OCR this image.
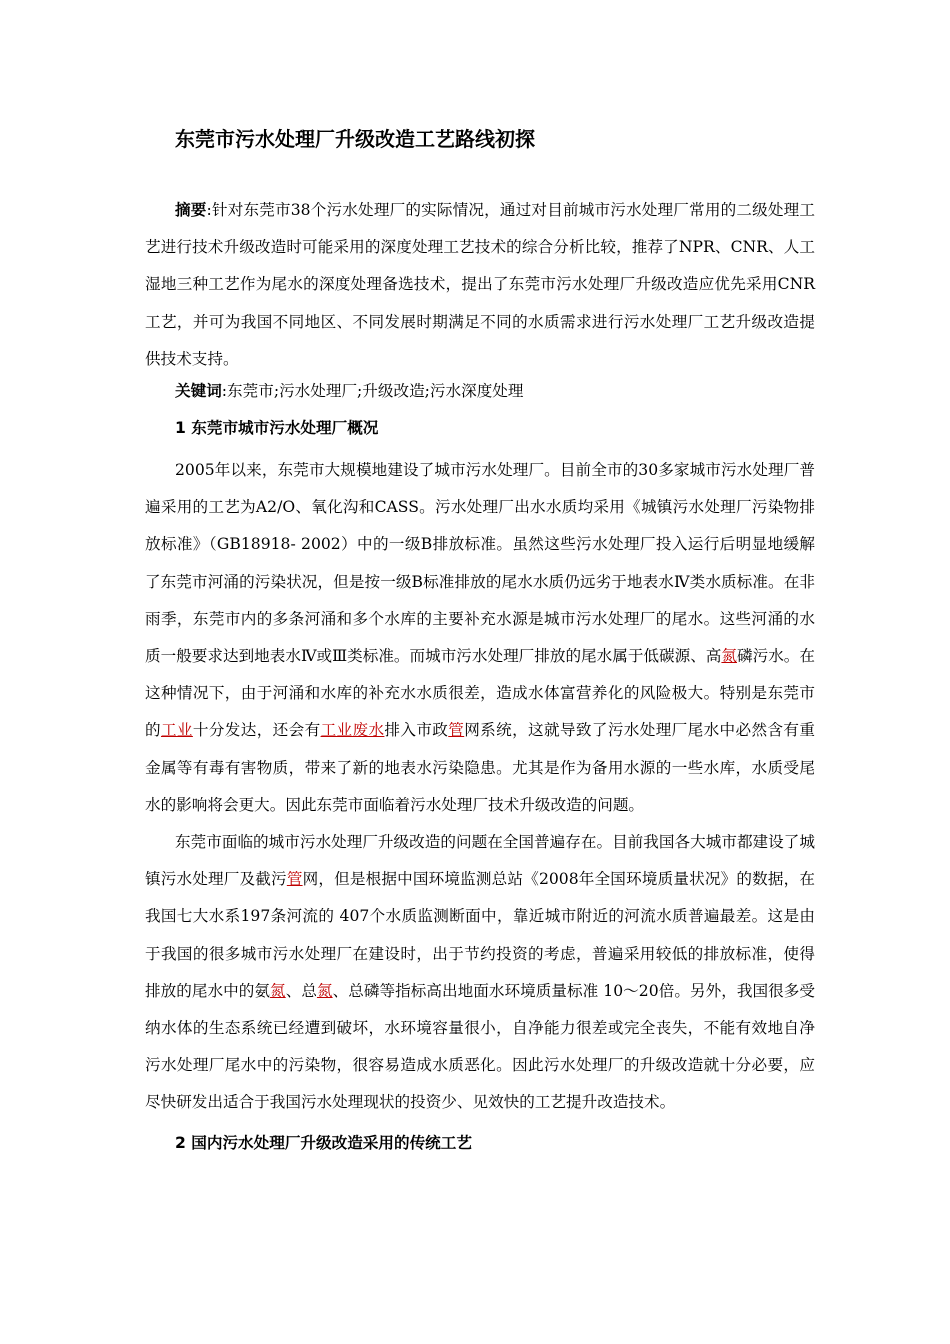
东莞市污水处理厂升级改造工艺路线初探

摘要:针对东莞市38个污水处理厂的实际情况，通过对目前城市污水处理厂常用的二级处理工艺进行技术升级改造时可能采用的深度处理工艺技术的综合分析比较，推荐了NPR、CNR、人工湿地三种工艺作为尾水的深度处理备选技术，提出了东莞市污水处理厂升级改造应优先采用CNR工艺，并可为我国不同地区、不同发展时期满足不同的水质需求进行污水处理厂工艺升级改造提供技术支持。

关键词:东莞市;污水处理厂;升级改造;污水深度处理

1 东莞市城市污水处理厂概况

2005年以来，东莞市大规模地建设了城市污水处理厂。目前全市的30多家城市污水处理厂普遍采用的工艺为A2/O、氧化沟和CASS。污水处理厂出水水质均采用《城镇污水处理厂污染物排放标准》（GB18918- 2002）中的一级B排放标准。虽然这些污水处理厂投入运行后明显地缓解了东莞市河涌的污染状况，但是按一级B标准排放的尾水水质仍远劣于地表水Ⅳ类水质标准。在非雨季，东莞市内的多条河涌和多个水库的主要补充水源是城市污水处理厂的尾水。这些河涌的水质一般要求达到地表水Ⅳ或Ⅲ类标准。而城市污水处理厂排放的尾水属于低碳源、高氮磷污水。在这种情况下，由于河涌和水库的补充水水质很差，造成水体富营养化的风险极大。特别是东莞市的工业十分发达，还会有工业废水排入市政管网系统，这就导致了污水处理厂尾水中必然含有重金属等有毒有害物质，带来了新的地表水污染隐患。尤其是作为备用水源的一些水库，水质受尾水的影响将会更大。因此东莞市面临着污水处理厂技术升级改造的问题。

东莞市面临的城市污水处理厂升级改造的问题在全国普遍存在。目前我国各大城市都建设了城镇污水处理厂及截污管网，但是根据中国环境监测总站《2008年全国环境质量状况》的数据，在我国七大水系197条河流的 407个水质监测断面中，靠近城市附近的河流水质普遍最差。这是由于我国的很多城市污水处理厂在建设时，出于节约投资的考虑，普遍采用较低的排放标准，使得排放的尾水中的氨氮、总氮、总磷等指标高出地面水环境质量标准 10～20倍。另外，我国很多受纳水体的生态系统已经遭到破坏，水环境容量很小，自净能力很差或完全丧失，不能有效地自净污水处理厂尾水中的污染物，很容易造成水质恶化。因此污水处理厂的升级改造就十分必要，应尽快研发出适合于我国污水处理现状的投资少、见效快的工艺提升改造技术。

2 国内污水处理厂升级改造采用的传统工艺
